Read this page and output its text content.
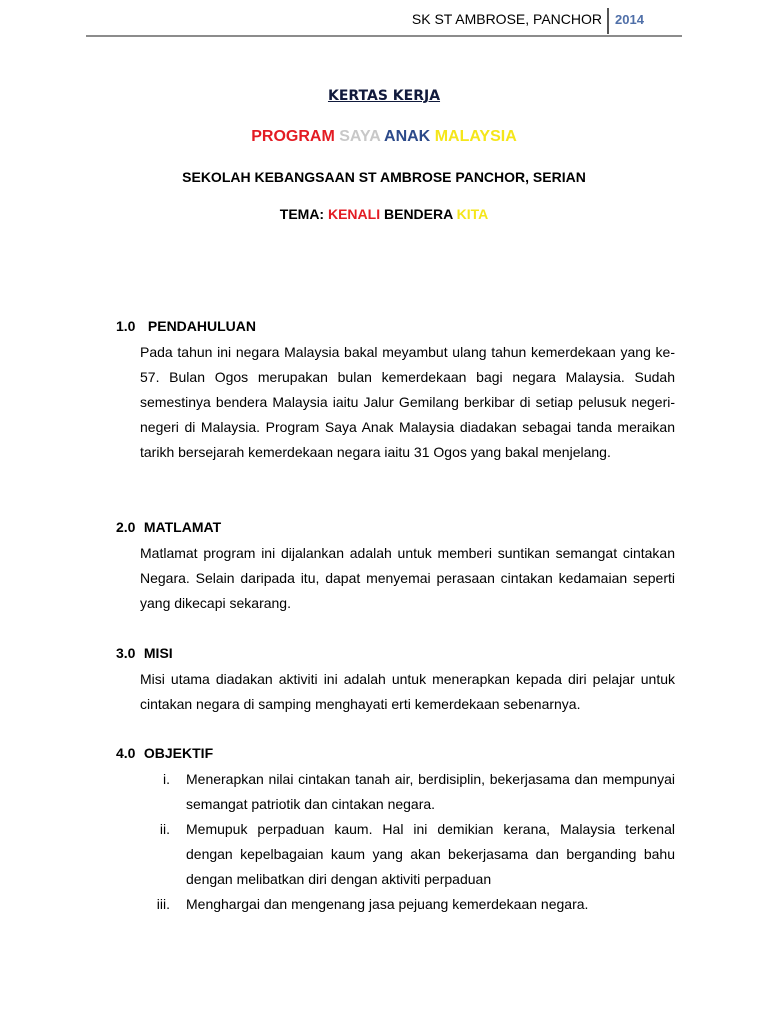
SK ST AMBROSE, PANCHOR 2014
KERTAS KERJA
PROGRAM SAYA ANAK MALAYSIA
SEKOLAH KEBANGSAAN ST AMBROSE PANCHOR, SERIAN
TEMA: KENALI BENDERA KITA
1.0 PENDAHULUAN
Pada tahun ini negara Malaysia bakal meyambut ulang tahun kemerdekaan yang ke-57. Bulan Ogos merupakan bulan kemerdekaan bagi negara Malaysia. Sudah semestinya bendera Malaysia iaitu Jalur Gemilang berkibar di setiap pelusuk negeri-negeri di Malaysia. Program Saya Anak Malaysia diadakan sebagai tanda meraikan tarikh bersejarah kemerdekaan negara iaitu 31 Ogos yang bakal menjelang.
2.0 MATLAMAT
Matlamat program ini dijalankan adalah untuk memberi suntikan semangat cintakan Negara. Selain daripada itu, dapat menyemai perasaan cintakan kedamaian seperti yang dikecapi sekarang.
3.0 MISI
Misi utama diadakan aktiviti ini adalah untuk menerapkan kepada diri pelajar untuk cintakan negara di samping menghayati erti kemerdekaan sebenarnya.
4.0 OBJEKTIF
i.	Menerapkan nilai cintakan tanah air, berdisiplin, bekerjasama dan mempunyai semangat patriotik dan cintakan negara.
ii.	Memupuk perpaduan kaum. Hal ini demikian kerana, Malaysia terkenal dengan kepelbagaian kaum yang akan bekerjasama dan berganding bahu dengan melibatkan diri dengan aktiviti perpaduan
iii.	Menghargai dan mengenang jasa pejuang kemerdekaan negara.
